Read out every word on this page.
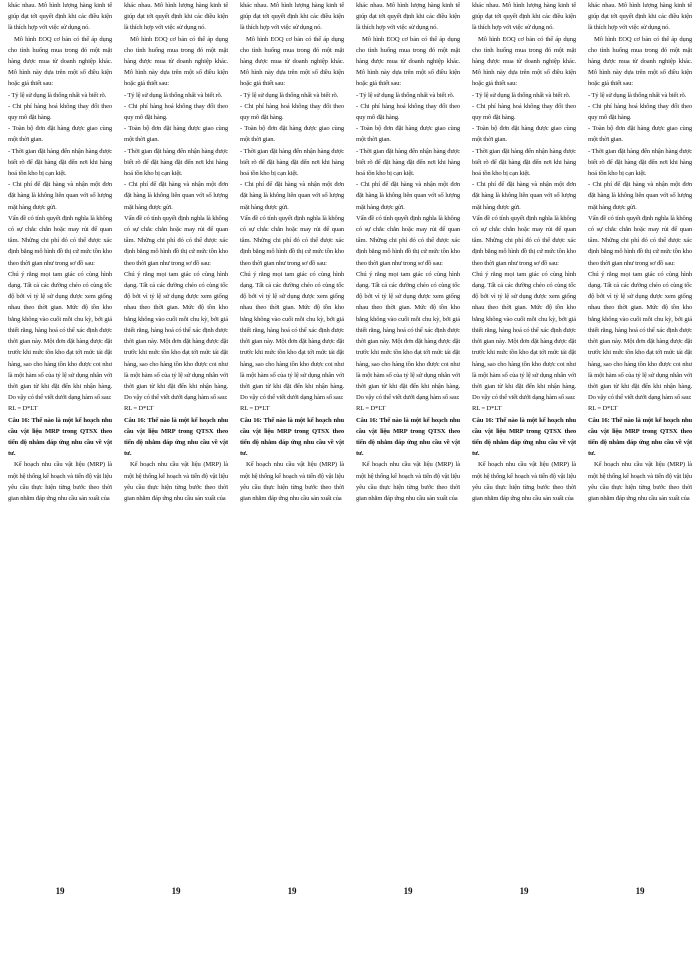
khác nhau. Mô hình lượng hàng kinh tế giúp đạt tới quyết định khi các điều kiện là thích hợp với việc sử dụng nó.

Mô hình EOQ cơ bản có thể áp dụng cho tình huống mua trong đó một mặt hàng được mua từ doanh nghiệp khác. Mô hình này dựa trên một số điều kiện hoặc giả thiết sau:

- Tỷ lệ sử dụng là thống nhất và biết rõ.

- Chi phí hàng hoá không thay đổi theo quy mô đặt hàng.

- Toàn bộ đơn đặt hàng được giao cùng một thời gian.

- Thời gian đặt hàng đến nhận hàng được biết rõ để đặt hàng đặt đến nơi khi hàng hoá tồn kho bị cạn kiệt.

- Chi phí để đặt hàng và nhận một đơn đặt hàng là không liên quan với số lượng mặt hàng được gửi.

Vấn đề có tính quyết định nghĩa là không có sự chắc chắn hoặc may rủi để quan tâm. Những chi phí đó có thể được xác định bằng mô hình đồ thị cứ mức tồn kho theo thời gian như trong sơ đồ sau:

Chú ý rằng mọi tam giác có cùng hình dạng. Tất cả các đường chéo có cùng tốc độ bởi vì tỷ lệ sử dụng được xem giống nhau theo thời gian. Mức độ tồn kho bằng không vào cuối mỗi chu kỳ, bởi giả thiết rằng, hàng hoá có thể xác định được thời gian này. Một đơn đặt hàng được đặt trước khi mức tồn kho đạt tới mức tái đặt hàng, sao cho hàng tồn kho được coi như là một hàm số của tỷ lệ sử dụng nhân với thời gian từ khi đặt đến khi nhận hàng. Do vậy có thể viết dưới dạng hàm số sau:

RL = D*LT

Câu 16: Thế nào là một kế hoạch nhu cầu vật liệu MRP trong QTSX theo tiến độ nhằm đáp ứng nhu cầu về vật tư.

Kế hoạch nhu cầu vật liệu (MRP) là một hệ thống kế hoạch và tiến độ vật liệu yêu cầu thực hiện từng bước theo thời gian nhằm đáp ứng nhu cầu sản xuất của

19

khác nhau. Mô hình lượng hàng kinh tế giúp đạt tới quyết định khi các điều kiện là thích hợp với việc sử dụng nó.

Mô hình EOQ cơ bản có thể áp dụng cho tình huống mua trong đó một mặt hàng được mua từ doanh nghiệp khác. Mô hình này dựa trên một số điều kiện hoặc giả thiết sau:

- Tỷ lệ sử dụng là thống nhất và biết rõ.

- Chi phí hàng hoá không thay đổi theo quy mô đặt hàng.

- Toàn bộ đơn đặt hàng được giao cùng một thời gian.

- Thời gian đặt hàng đến nhận hàng được biết rõ để đặt hàng đặt đến nơi khi hàng hoá tồn kho bị cạn kiệt.

- Chi phí để đặt hàng và nhận một đơn đặt hàng là không liên quan với số lượng mặt hàng được gửi.

Vấn đề có tính quyết định nghĩa là không có sự chắc chắn hoặc may rủi để quan tâm. Những chi phí đó có thể được xác định bằng mô hình đồ thị cứ mức tồn kho theo thời gian như trong sơ đồ sau:

Chú ý rằng mọi tam giác có cùng hình dạng. Tất cả các đường chéo có cùng tốc độ bởi vì tỷ lệ sử dụng được xem giống nhau theo thời gian. Mức độ tồn kho bằng không vào cuối mỗi chu kỳ, bởi giả thiết rằng, hàng hoá có thể xác định được thời gian này. Một đơn đặt hàng được đặt trước khi mức tồn kho đạt tới mức tái đặt hàng, sao cho hàng tồn kho được coi như là một hàm số của tỷ lệ sử dụng nhân với thời gian từ khi đặt đến khi nhận hàng. Do vậy có thể viết dưới dạng hàm số sau:

RL = D*LT

Câu 16: Thế nào là một kế hoạch nhu cầu vật liệu MRP trong QTSX theo tiến độ nhằm đáp ứng nhu cầu về vật tư.

Kế hoạch nhu cầu vật liệu (MRP) là một hệ thống kế hoạch và tiến độ vật liệu yêu cầu thực hiện từng bước theo thời gian nhằm đáp ứng nhu cầu sản xuất của

19

khác nhau. Mô hình lượng hàng kinh tế giúp đạt tới quyết định khi các điều kiện là thích hợp với việc sử dụng nó.

Mô hình EOQ cơ bản có thể áp dụng cho tình huống mua trong đó một mặt hàng được mua từ doanh nghiệp khác. Mô hình này dựa trên một số điều kiện hoặc giả thiết sau:

- Tỷ lệ sử dụng là thống nhất và biết rõ.

- Chi phí hàng hoá không thay đổi theo quy mô đặt hàng.

- Toàn bộ đơn đặt hàng được giao cùng một thời gian.

- Thời gian đặt hàng đến nhận hàng được biết rõ để đặt hàng đặt đến nơi khi hàng hoá tồn kho bị cạn kiệt.

- Chi phí để đặt hàng và nhận một đơn đặt hàng là không liên quan với số lượng mặt hàng được gửi.

Vấn đề có tính quyết định nghĩa là không có sự chắc chắn hoặc may rủi để quan tâm. Những chi phí đó có thể được xác định bằng mô hình đồ thị cứ mức tồn kho theo thời gian như trong sơ đồ sau:

Chú ý rằng mọi tam giác có cùng hình dạng. Tất cả các đường chéo có cùng tốc độ bởi vì tỷ lệ sử dụng được xem giống nhau theo thời gian. Mức độ tồn kho bằng không vào cuối mỗi chu kỳ, bởi giả thiết rằng, hàng hoá có thể xác định được thời gian này. Một đơn đặt hàng được đặt trước khi mức tồn kho đạt tới mức tái đặt hàng, sao cho hàng tồn kho được coi như là một hàm số của tỷ lệ sử dụng nhân với thời gian từ khi đặt đến khi nhận hàng. Do vậy có thể viết dưới dạng hàm số sau:

RL = D*LT

Câu 16: Thế nào là một kế hoạch nhu cầu vật liệu MRP trong QTSX theo tiến độ nhằm đáp ứng nhu cầu về vật tư.

Kế hoạch nhu cầu vật liệu (MRP) là một hệ thống kế hoạch và tiến độ vật liệu yêu cầu thực hiện từng bước theo thời gian nhằm đáp ứng nhu cầu sản xuất của

19

khác nhau. Mô hình lượng hàng kinh tế giúp đạt tới quyết định khi các điều kiện là thích hợp với việc sử dụng nó.

Mô hình EOQ cơ bản có thể áp dụng cho tình huống mua trong đó một mặt hàng được mua từ doanh nghiệp khác. Mô hình này dựa trên một số điều kiện hoặc giả thiết sau:

- Tỷ lệ sử dụng là thống nhất và biết rõ.

- Chi phí hàng hoá không thay đổi theo quy mô đặt hàng.

- Toàn bộ đơn đặt hàng được giao cùng một thời gian.

- Thời gian đặt hàng đến nhận hàng được biết rõ để đặt hàng đặt đến nơi khi hàng hoá tồn kho bị cạn kiệt.

- Chi phí để đặt hàng và nhận một đơn đặt hàng là không liên quan với số lượng mặt hàng được gửi.

Vấn đề có tính quyết định nghĩa là không có sự chắc chắn hoặc may rủi để quan tâm. Những chi phí đó có thể được xác định bằng mô hình đồ thị cứ mức tồn kho theo thời gian như trong sơ đồ sau:

Chú ý rằng mọi tam giác có cùng hình dạng. Tất cả các đường chéo có cùng tốc độ bởi vì tỷ lệ sử dụng được xem giống nhau theo thời gian. Mức độ tồn kho bằng không vào cuối mỗi chu kỳ, bởi giả thiết rằng, hàng hoá có thể xác định được thời gian này. Một đơn đặt hàng được đặt trước khi mức tồn kho đạt tới mức tái đặt hàng, sao cho hàng tồn kho được coi như là một hàm số của tỷ lệ sử dụng nhân với thời gian từ khi đặt đến khi nhận hàng. Do vậy có thể viết dưới dạng hàm số sau:

RL = D*LT

Câu 16: Thế nào là một kế hoạch nhu cầu vật liệu MRP trong QTSX theo tiến độ nhằm đáp ứng nhu cầu về vật tư.

Kế hoạch nhu cầu vật liệu (MRP) là một hệ thống kế hoạch và tiến độ vật liệu yêu cầu thực hiện từng bước theo thời gian nhằm đáp ứng nhu cầu sản xuất của

19

khác nhau. Mô hình lượng hàng kinh tế giúp đạt tới quyết định khi các điều kiện là thích hợp với việc sử dụng nó.

Mô hình EOQ cơ bản có thể áp dụng cho tình huống mua trong đó một mặt hàng được mua từ doanh nghiệp khác. Mô hình này dựa trên một số điều kiện hoặc giả thiết sau:

- Tỷ lệ sử dụng là thống nhất và biết rõ.

- Chi phí hàng hoá không thay đổi theo quy mô đặt hàng.

- Toàn bộ đơn đặt hàng được giao cùng một thời gian.

- Thời gian đặt hàng đến nhận hàng được biết rõ để đặt hàng đặt đến nơi khi hàng hoá tồn kho bị cạn kiệt.

- Chi phí để đặt hàng và nhận một đơn đặt hàng là không liên quan với số lượng mặt hàng được gửi.

Vấn đề có tính quyết định nghĩa là không có sự chắc chắn hoặc may rủi để quan tâm. Những chi phí đó có thể được xác định bằng mô hình đồ thị cứ mức tồn kho theo thời gian như trong sơ đồ sau:

Chú ý rằng mọi tam giác có cùng hình dạng. Tất cả các đường chéo có cùng tốc độ bởi vì tỷ lệ sử dụng được xem giống nhau theo thời gian. Mức độ tồn kho bằng không vào cuối mỗi chu kỳ, bởi giả thiết rằng, hàng hoá có thể xác định được thời gian này. Một đơn đặt hàng được đặt trước khi mức tồn kho đạt tới mức tái đặt hàng, sao cho hàng tồn kho được coi như là một hàm số của tỷ lệ sử dụng nhân với thời gian từ khi đặt đến khi nhận hàng. Do vậy có thể viết dưới dạng hàm số sau:

RL = D*LT

Câu 16: Thế nào là một kế hoạch nhu cầu vật liệu MRP trong QTSX theo tiến độ nhằm đáp ứng nhu cầu về vật tư.

Kế hoạch nhu cầu vật liệu (MRP) là một hệ thống kế hoạch và tiến độ vật liệu yêu cầu thực hiện từng bước theo thời gian nhằm đáp ứng nhu cầu sản xuất của

19

khác nhau. Mô hình lượng hàng kinh tế giúp đạt tới quyết định khi các điều kiện là thích hợp với việc sử dụng nó.

Mô hình EOQ cơ bản có thể áp dụng cho tình huống mua trong đó một mặt hàng được mua từ doanh nghiệp khác. Mô hình này dựa trên một số điều kiện hoặc giả thiết sau:

- Tỷ lệ sử dụng là thống nhất và biết rõ.

- Chi phí hàng hoá không thay đổi theo quy mô đặt hàng.

- Toàn bộ đơn đặt hàng được giao cùng một thời gian.

- Thời gian đặt hàng đến nhận hàng được biết rõ để đặt hàng đặt đến nơi khi hàng hoá tồn kho bị cạn kiệt.

- Chi phí để đặt hàng và nhận một đơn đặt hàng là không liên quan với số lượng mặt hàng được gửi.

Vấn đề có tính quyết định nghĩa là không có sự chắc chắn hoặc may rủi để quan tâm. Những chi phí đó có thể được xác định bằng mô hình đồ thị cứ mức tồn kho theo thời gian như trong sơ đồ sau:

Chú ý rằng mọi tam giác có cùng hình dạng. Tất cả các đường chéo có cùng tốc độ bởi vì tỷ lệ sử dụng được xem giống nhau theo thời gian. Mức độ tồn kho bằng không vào cuối mỗi chu kỳ, bởi giả thiết rằng, hàng hoá có thể xác định được thời gian này. Một đơn đặt hàng được đặt trước khi mức tồn kho đạt tới mức tái đặt hàng, sao cho hàng tồn kho được coi như là một hàm số của tỷ lệ sử dụng nhân với thời gian từ khi đặt đến khi nhận hàng. Do vậy có thể viết dưới dạng hàm số sau:

RL = D*LT

Câu 16: Thế nào là một kế hoạch nhu cầu vật liệu MRP trong QTSX theo tiến độ nhằm đáp ứng nhu cầu về vật tư.

Kế hoạch nhu cầu vật liệu (MRP) là một hệ thống kế hoạch và tiến độ vật liệu yêu cầu thực hiện từng bước theo thời gian nhằm đáp ứng nhu cầu sản xuất của

19
